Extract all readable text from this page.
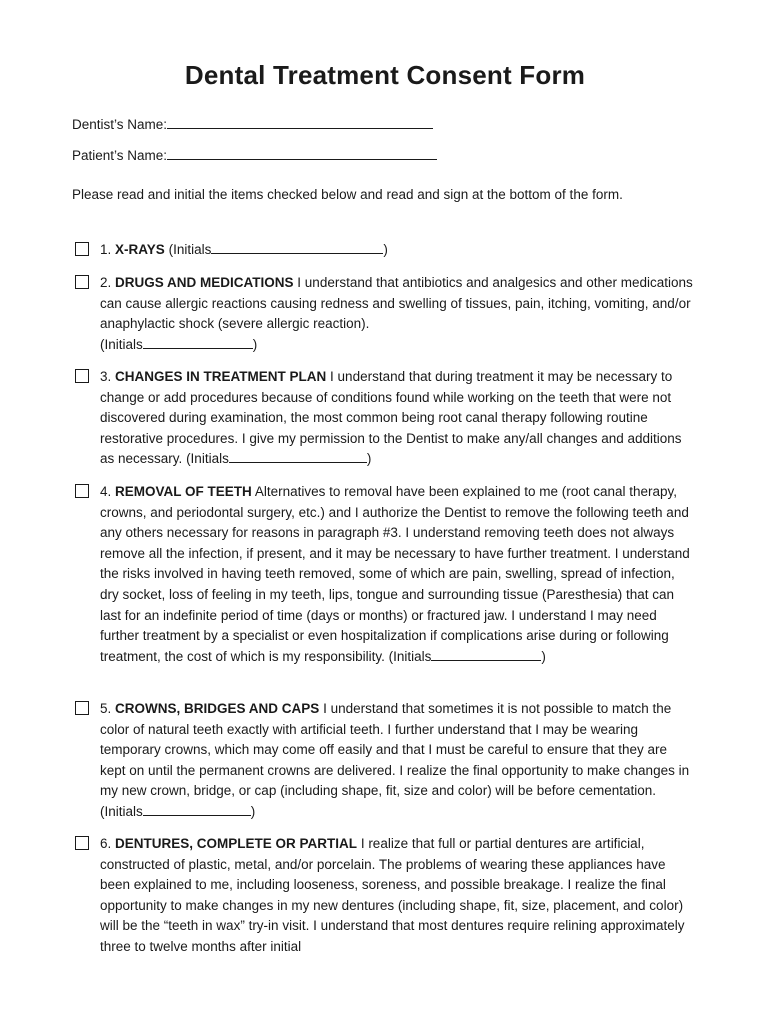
Dental Treatment Consent Form
Dentist’s Name:
Patient’s Name:
Please read and initial the items checked below and read and sign at the bottom of the form.
1. X-RAYS (Initials	)
2. DRUGS AND MEDICATIONS I understand that antibiotics and analgesics and other medications can cause allergic reactions causing redness and swelling of tissues, pain, itching, vomiting, and/or anaphylactic shock (severe allergic reaction).
(Initials	)
3. CHANGES IN TREATMENT PLAN I understand that during treatment it may be necessary to change or add procedures because of conditions found while working on the teeth that were not discovered during examination, the most common being root canal therapy following routine restorative procedures. I give my permission to the Dentist to make any/all changes and additions as necessary. (Initials	)
4. REMOVAL OF TEETH Alternatives to removal have been explained to me (root canal therapy, crowns, and periodontal surgery, etc.) and I authorize the Dentist to remove the following teeth and any others necessary for reasons in paragraph #3. I understand removing teeth does not always remove all the infection, if present, and it may be necessary to have further treatment. I understand the risks involved in having teeth removed, some of which are pain, swelling, spread of infection, dry socket, loss of feeling in my teeth, lips, tongue and surrounding tissue (Paresthesia) that can last for an indefinite period of time (days or months) or fractured jaw. I understand I may need further treatment by a specialist or even hospitalization if complications arise during or following treatment, the cost of which is my responsibility. (Initials	)
5. CROWNS, BRIDGES AND CAPS I understand that sometimes it is not possible to match the color of natural teeth exactly with artificial teeth. I further understand that I may be wearing temporary crowns, which may come off easily and that I must be careful to ensure that they are kept on until the permanent crowns are delivered. I realize the final opportunity to make changes in my new crown, bridge, or cap (including shape, fit, size and color) will be before cementation. (Initials	)
6. DENTURES, COMPLETE OR PARTIAL I realize that full or partial dentures are artificial, constructed of plastic, metal, and/or porcelain. The problems of wearing these appliances have been explained to me, including looseness, soreness, and possible breakage. I realize the final opportunity to make changes in my new dentures (including shape, fit, size, placement, and color) will be the “teeth in wax” try-in visit. I understand that most dentures require relining approximately three to twelve months after initial
